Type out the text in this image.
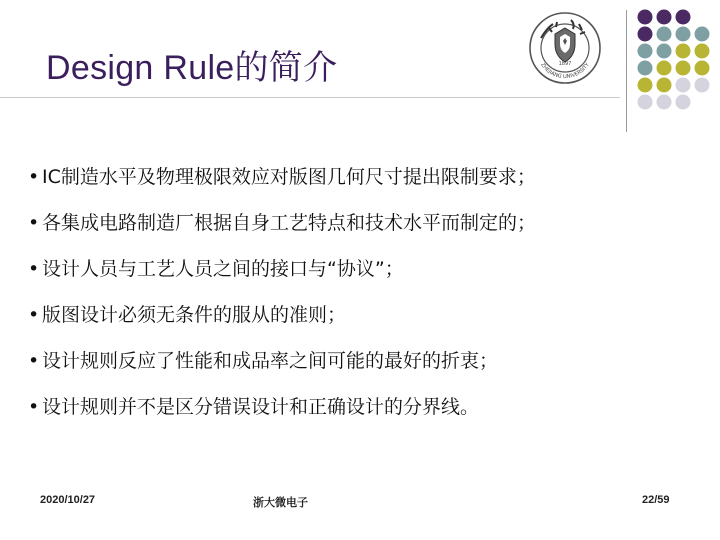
Design Rule的简介	1897
ZHEJIANG UNIVERSITY
• IC制造水平及物理极限效应对版图几何尺寸提出限制要求；
• 各集成电路制造厂根据自身工艺特点和技术水平而制定的；
• 设计人员与工艺人员之间的接口与“协议”；
• 版图设计必须无条件的服从的准则；
• 设计规则反应了性能和成品率之间可能的最好的折衷；
• 设计规则并不是区分错误设计和正确设计的分界线。
2020/10/27	浙大微电子	22/59
